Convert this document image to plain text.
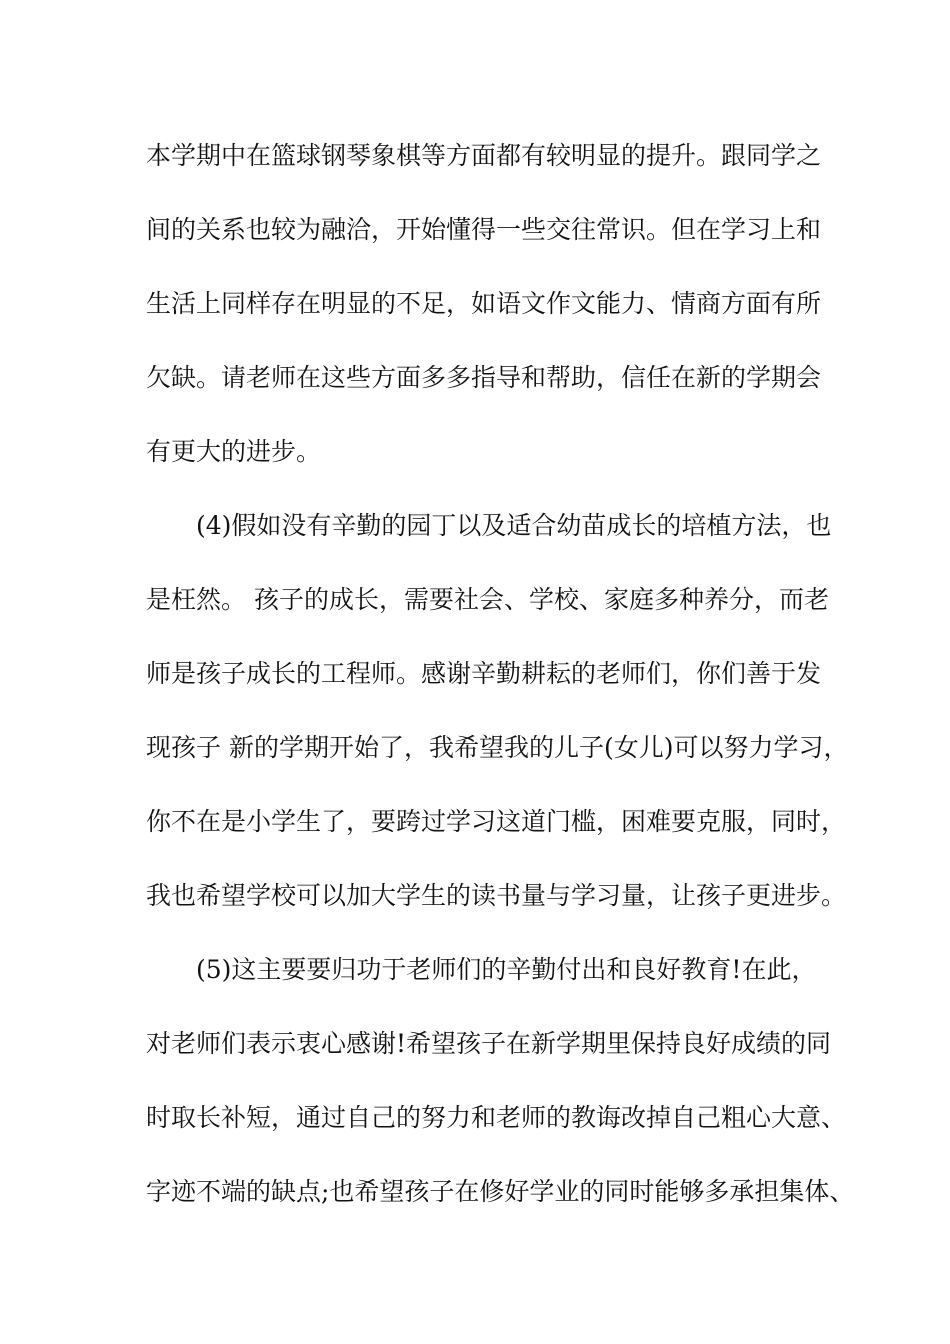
本学期中在篮球钢琴象棋等方面都有较明显的提升。跟同学之
间的关系也较为融洽，开始懂得一些交往常识。但在学习上和
生活上同样存在明显的不足，如语文作文能力、情商方面有所
欠缺。请老师在这些方面多多指导和帮助，信任在新的学期会
有更大的进步。
(4)假如没有辛勤的园丁以及适合幼苗成长的培植方法，也
是枉然。 孩子的成长，需要社会、学校、家庭多种养分，而老
师是孩子成长的工程师。感谢辛勤耕耘的老师们，你们善于发
现孩子 新的学期开始了，我希望我的儿子(女儿)可以努力学习，
你不在是小学生了，要跨过学习这道门槛，困难要克服，同时，
我也希望学校可以加大学生的读书量与学习量，让孩子更进步。
(5)这主要要归功于老师们的辛勤付出和良好教育!在此，
对老师们表示衷心感谢!希望孩子在新学期里保持良好成绩的同
时取长补短，通过自己的努力和老师的教诲改掉自己粗心大意、
字迹不端的缺点;也希望孩子在修好学业的同时能够多承担集体、
